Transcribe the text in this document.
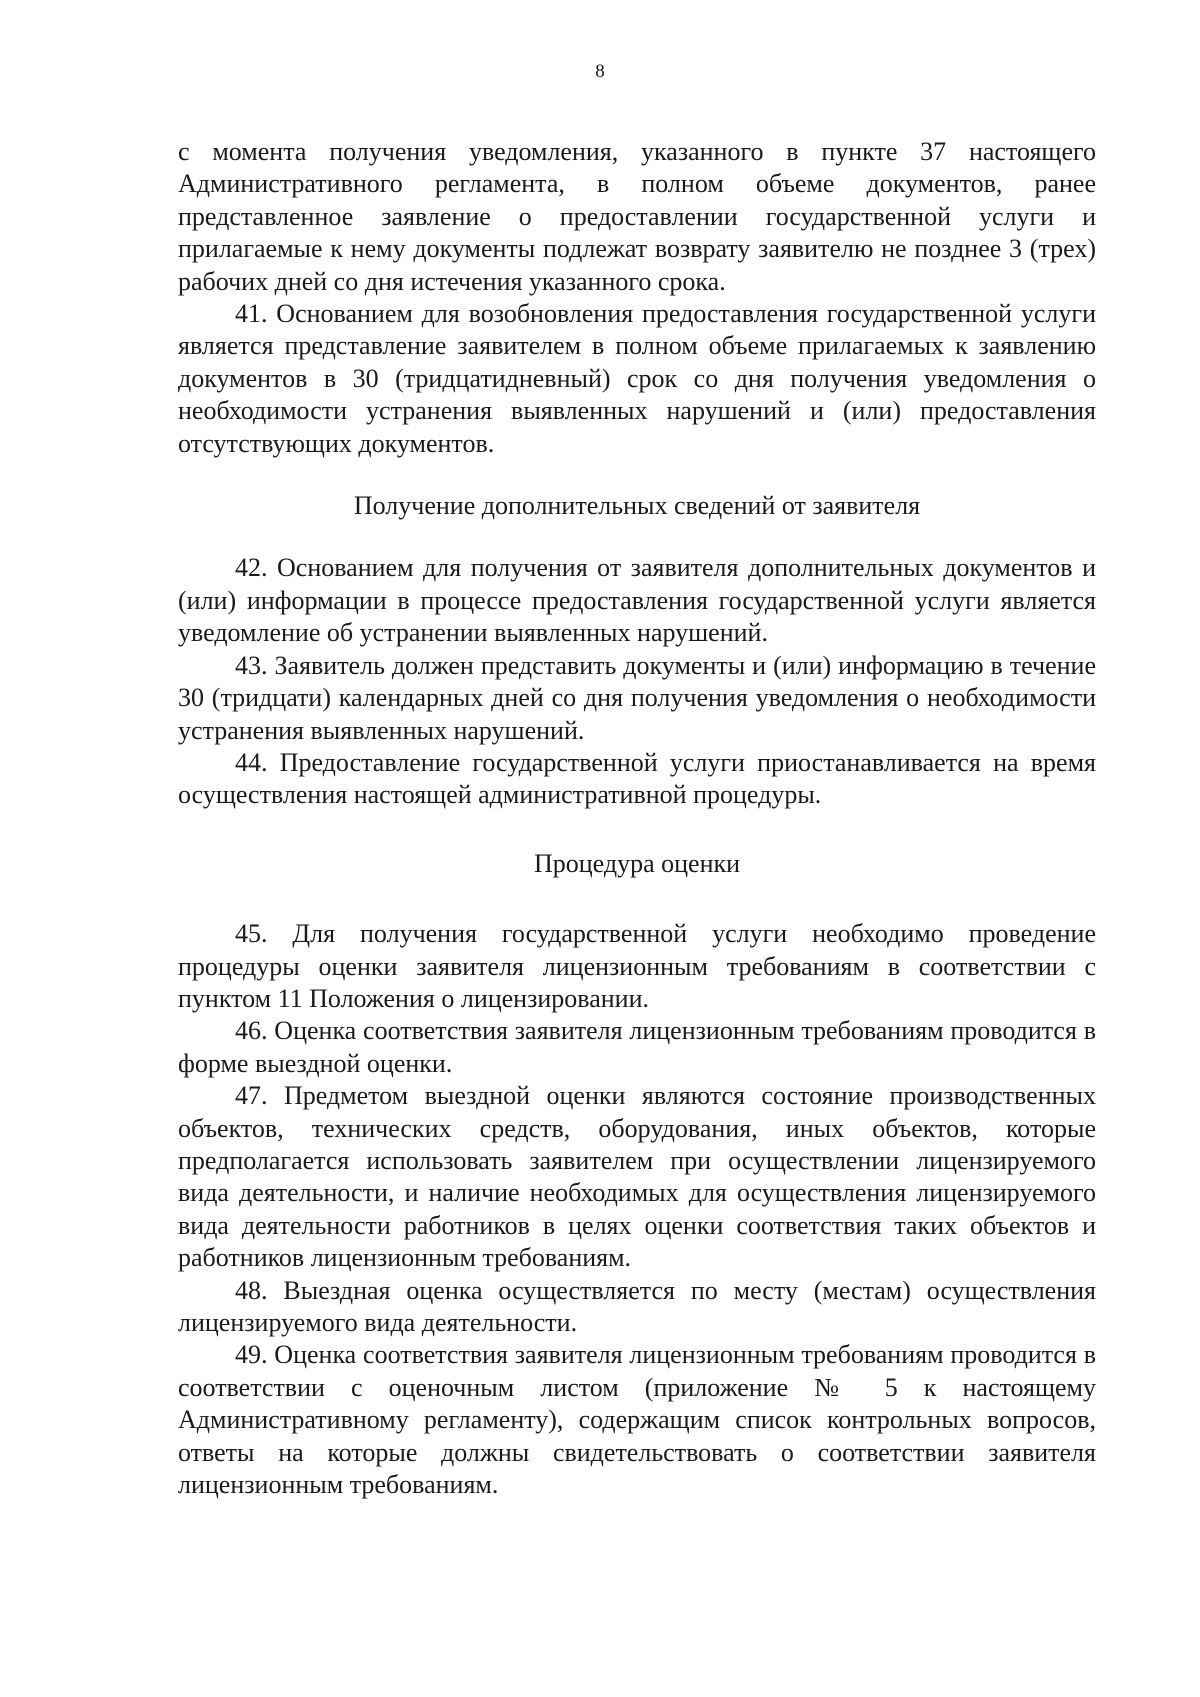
8

с момента получения уведомления, указанного в пункте 37 настоящего Административного регламента, в полном объеме документов, ранее представленное заявление о предоставлении государственной услуги и прилагаемые к нему документы подлежат возврату заявителю не позднее 3 (трех) рабочих дней со дня истечения указанного срока.

41. Основанием для возобновления предоставления государственной услуги является представление заявителем в полном объеме прилагаемых к заявлению документов в 30 (тридцатидневный) срок со дня получения уведомления о необходимости устранения выявленных нарушений и (или) предоставления отсутствующих документов.

Получение дополнительных сведений от заявителя

42. Основанием для получения от заявителя дополнительных документов и (или) информации в процессе предоставления государственной услуги является уведомление об устранении выявленных нарушений.

43. Заявитель должен представить документы и (или) информацию в течение 30 (тридцати) календарных дней со дня получения уведомления о необходимости устранения выявленных нарушений.

44. Предоставление государственной услуги приостанавливается на время осуществления настоящей административной процедуры.

Процедура оценки

45. Для получения государственной услуги необходимо проведение процедуры оценки заявителя лицензионным требованиям в соответствии с пунктом 11 Положения о лицензировании.

46. Оценка соответствия заявителя лицензионным требованиям проводится в форме выездной оценки.

47. Предметом выездной оценки являются состояние производственных объектов, технических средств, оборудования, иных объектов, которые предполагается использовать заявителем при осуществлении лицензируемого вида деятельности, и наличие необходимых для осуществления лицензируемого вида деятельности работников в целях оценки соответствия таких объектов и работников лицензионным требованиям.

48. Выездная оценка осуществляется по месту (местам) осуществления лицензируемого вида деятельности.

49. Оценка соответствия заявителя лицензионным требованиям проводится в соответствии с оценочным листом (приложение № 5 к настоящему Административному регламенту), содержащим список контрольных вопросов, ответы на которые должны свидетельствовать о соответствии заявителя лицензионным требованиям.
